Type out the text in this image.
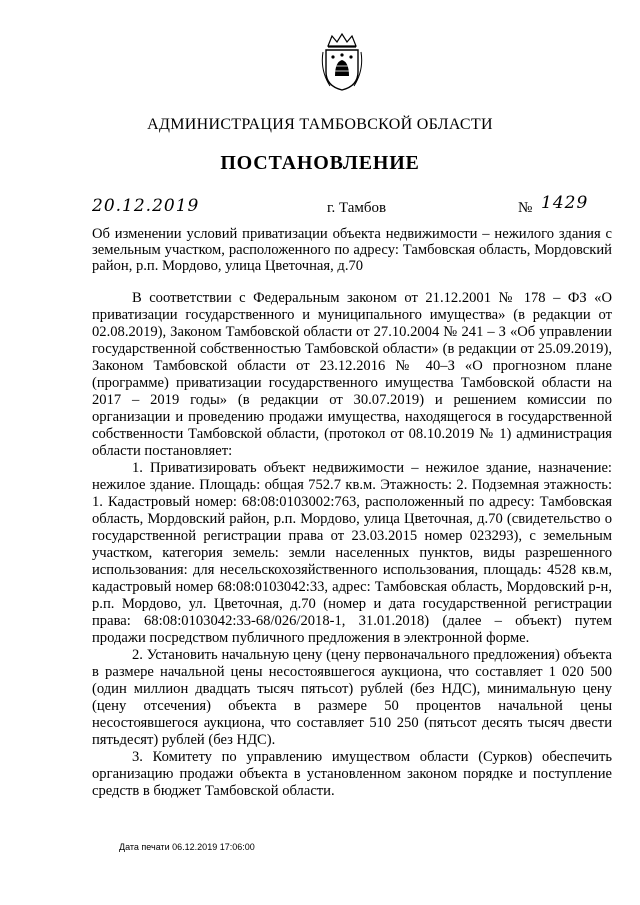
АДМИНИСТРАЦИЯ ТАМБОВСКОЙ ОБЛАСТИ
ПОСТАНОВЛЕНИЕ
20.12.2019	г. Тамбов	№ 1429
Об изменении условий приватизации объекта недвижимости – нежилого здания с земельным участком, расположенного по адресу: Тамбовская область, Мордовский район, р.п. Мордово, улица Цветочная, д.70

В соответствии с Федеральным законом от 21.12.2001 № 178 – ФЗ «О приватизации государственного и муниципального имущества» (в редакции от 02.08.2019), Законом Тамбовской области от 27.10.2004 № 241 – З «Об управлении государственной собственностью Тамбовской области» (в редакции от 25.09.2019), Законом Тамбовской области от 23.12.2016 № 40–З «О прогнозном плане (программе) приватизации государственного имущества Тамбовской области на 2017 – 2019 годы» (в редакции от 30.07.2019) и решением комиссии по организации и проведению продажи имущества, находящегося в государственной собственности Тамбовской области, (протокол от 08.10.2019 № 1) администрация области постановляет:

1. Приватизировать объект недвижимости – нежилое здание, назначение: нежилое здание. Площадь: общая 752.7 кв.м. Этажность: 2. Подземная этажность: 1. Кадастровый номер: 68:08:0103002:763, расположенный по адресу: Тамбовская область, Мордовский район, р.п. Мордово, улица Цветочная, д.70 (свидетельство о государственной регистрации права от 23.03.2015 номер 023293), с земельным участком, категория земель: земли населенных пунктов, виды разрешенного использования: для несельскохозяйственного использования, площадь: 4528 кв.м, кадастровый номер 68:08:0103042:33, адрес: Тамбовская область, Мордовский р-н, р.п. Мордово, ул. Цветочная, д.70 (номер и дата государственной регистрации права: 68:08:0103042:33-68/026/2018-1, 31.01.2018) (далее – объект) путем продажи посредством публичного предложения в электронной форме.

2. Установить начальную цену (цену первоначального предложения) объекта в размере начальной цены несостоявшегося аукциона, что составляет 1 020 500 (один миллион двадцать тысяч пятьсот) рублей (без НДС), минимальную цену (цену отсечения) объекта в размере 50 процентов начальной цены несостоявшегося аукциона, что составляет 510 250 (пятьсот десять тысяч двести пятьдесят) рублей (без НДС).

3. Комитету по управлению имуществом области (Сурков) обеспечить организацию продажи объекта в установленном законом порядке и поступление средств в бюджет Тамбовской области.

Дата печати 06.12.2019 17:06:00
